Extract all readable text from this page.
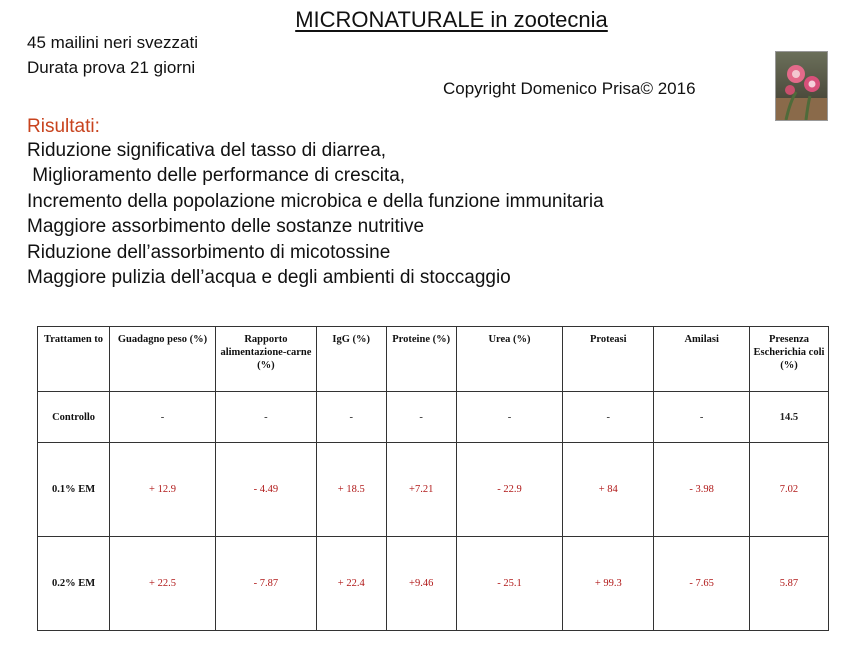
MICRONATURALE in zootecnia
45 mailini neri svezzati
Durata prova 21 giorni
Copyright Domenico Prisa© 2016
Risultati:
Riduzione significativa del tasso di diarrea,
Miglioramento delle performance di crescita,
Incremento della popolazione microbica e della funzione immunitaria
Maggiore assorbimento delle sostanze nutritive
Riduzione dell’assorbimento di micotossine
Maggiore pulizia dell’acqua e degli ambienti di stoccaggio
Trattamen to	Guadagno peso (%)	Rapporto alimentazione-carne (%)	IgG (%)	Proteine (%)	Urea (%)	Proteasi	Amilasi	Presenza Escherichia coli (%)
Controllo	-	-	-	-	-	-	-	14.5
0.1% EM	+ 12.9	- 4.49	+ 18.5	+7.21	- 22.9	+ 84	- 3.98	7.02
0.2% EM	+ 22.5	- 7.87	+ 22.4	+9.46	- 25.1	+ 99.3	- 7.65	5.87
